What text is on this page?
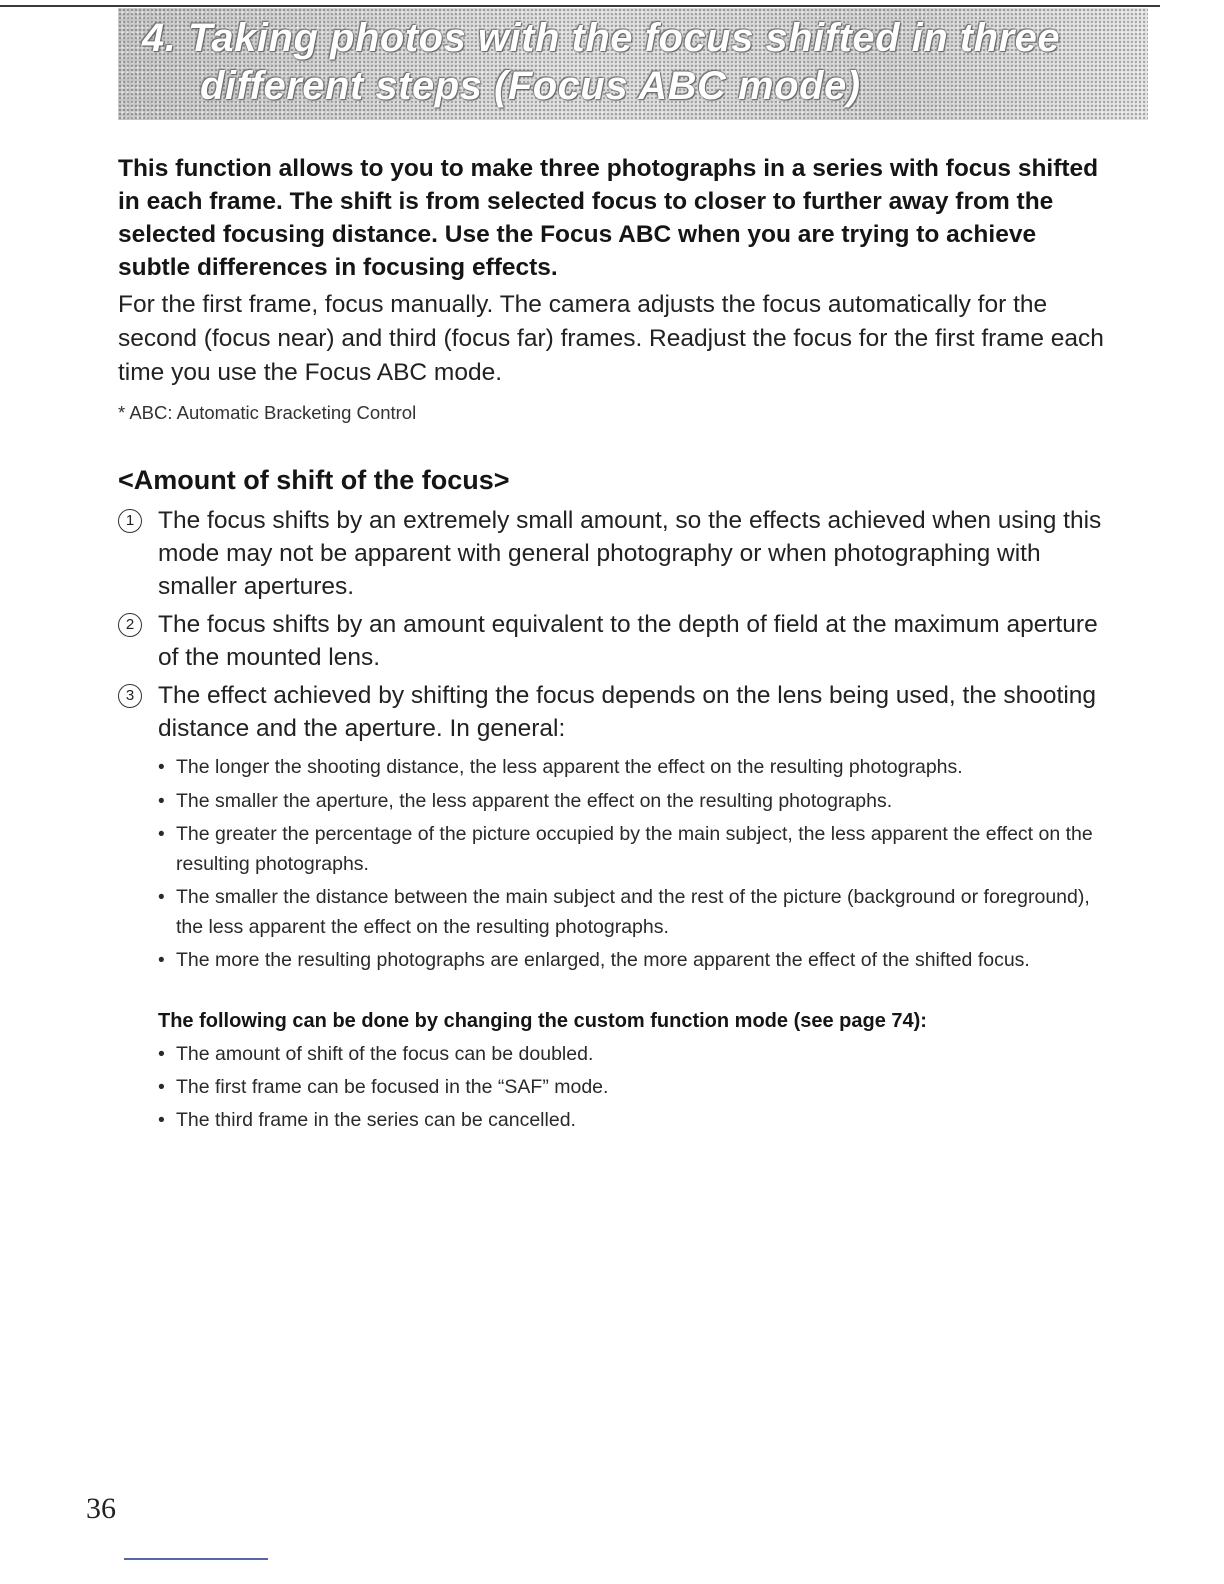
4. Taking photos with the focus shifted in three
different steps (Focus ABC mode)

This function allows to you to make three photographs in a series with focus shifted in each frame. The shift is from selected focus to closer to further away from the selected focusing distance. Use the Focus ABC when you are trying to achieve subtle differences in focusing effects.

For the first frame, focus manually. The camera adjusts the focus automatically for the second (focus near) and third (focus far) frames. Readjust the focus for the first frame each time you use the Focus ABC mode.

* ABC: Automatic Bracketing Control

<Amount of shift of the focus>
1 The focus shifts by an extremely small amount, so the effects achieved when using this mode may not be apparent with general photography or when photographing with smaller apertures.
2 The focus shifts by an amount equivalent to the depth of field at the maximum aperture of the mounted lens.
3 The effect achieved by shifting the focus depends on the lens being used, the shooting distance and the aperture. In general:
• The longer the shooting distance, the less apparent the effect on the resulting photographs.
• The smaller the aperture, the less apparent the effect on the resulting photographs.
• The greater the percentage of the picture occupied by the main subject, the less apparent the effect on the resulting photographs.
• The smaller the distance between the main subject and the rest of the picture (background or foreground), the less apparent the effect on the resulting photographs.
• The more the resulting photographs are enlarged, the more apparent the effect of the shifted focus.

The following can be done by changing the custom function mode (see page 74):

• The amount of shift of the focus can be doubled.
• The first frame can be focused in the “SAF” mode.
• The third frame in the series can be cancelled.
36
